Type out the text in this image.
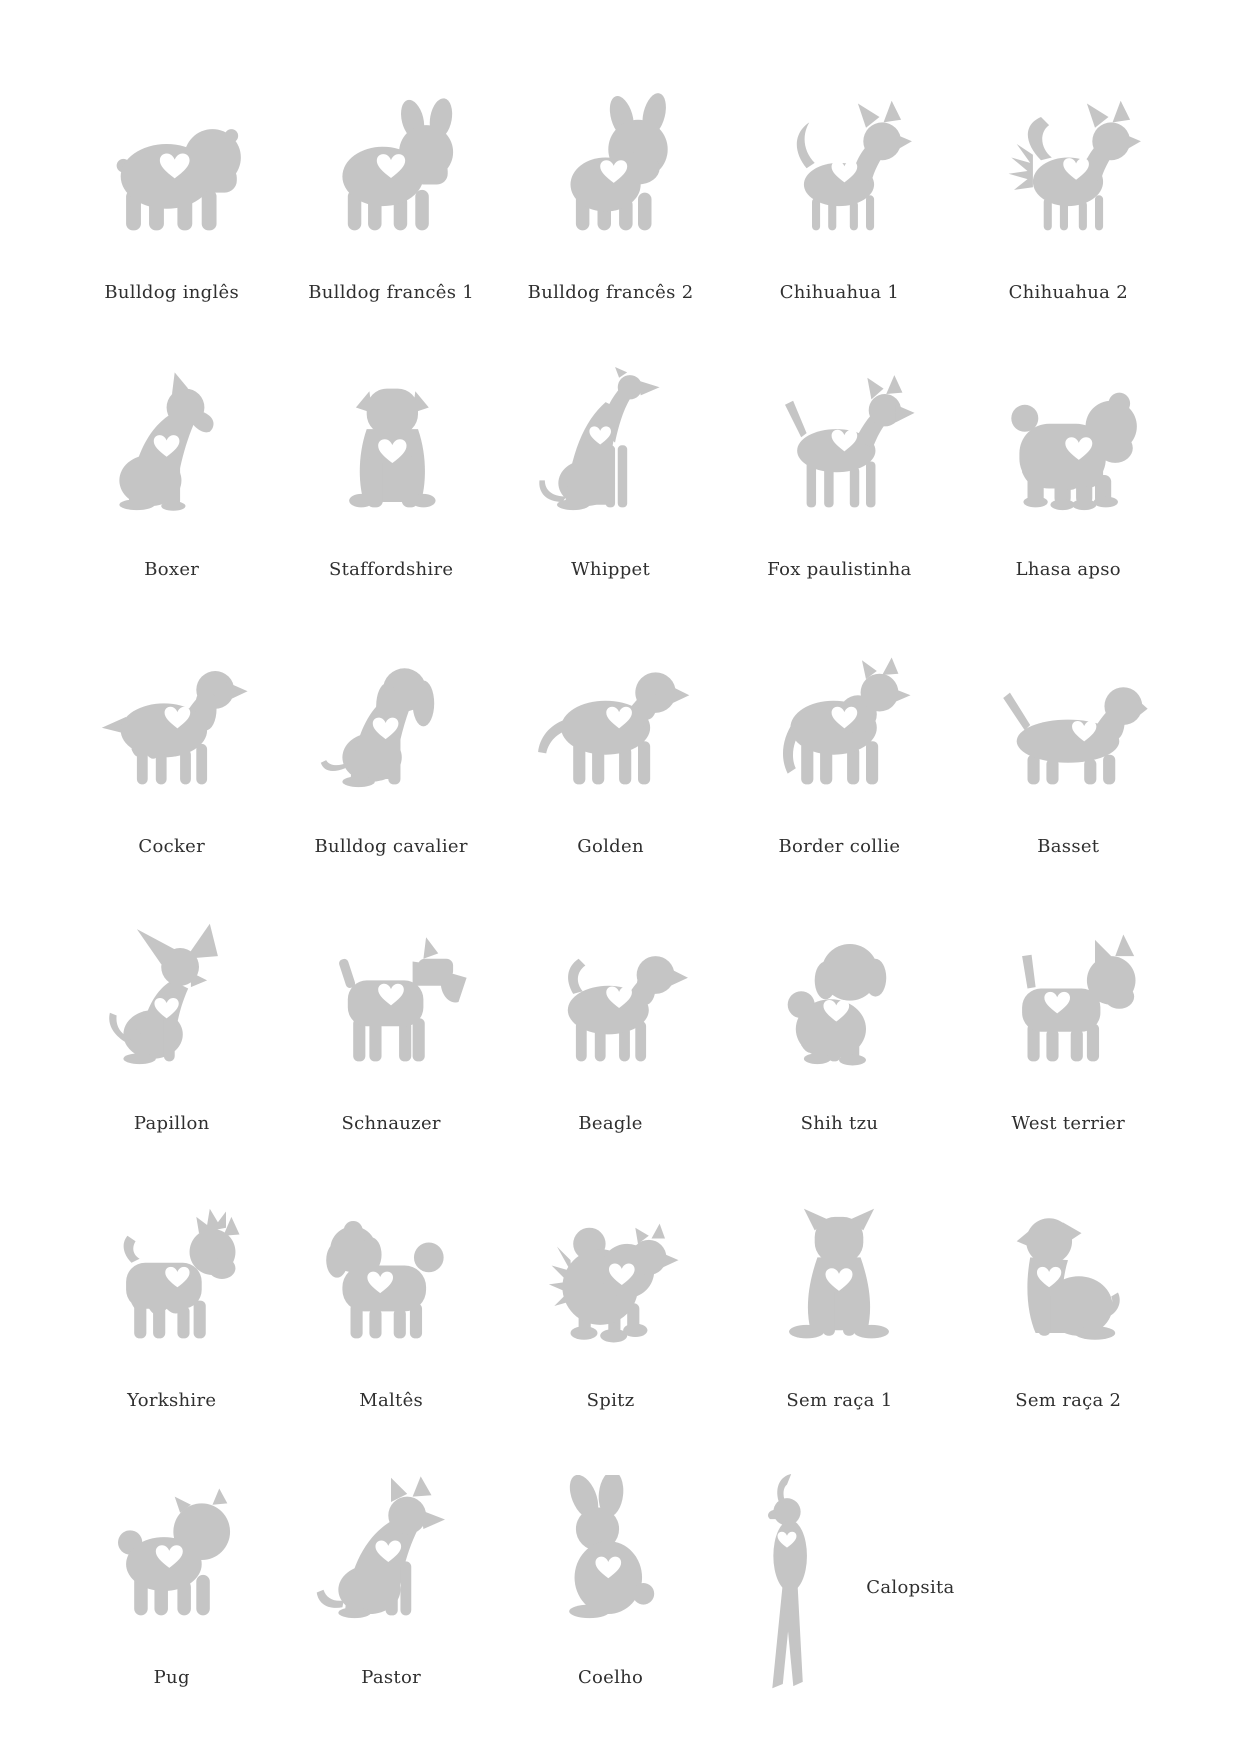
Bulldog inglês	Bulldog francês 1	Bulldog francês 2	Chihuahua 1	Chihuahua 2
Boxer	Staffordshire	Whippet	Fox paulistinha	Lhasa apso
Cocker	Bulldog cavalier	Golden	Border collie	Basset
Papillon	Schnauzer	Beagle	Shih tzu	West terrier
Yorkshire	Maltês	Spitz	Sem raça 1	Sem raça 2
Pug	Pastor	Coelho
Calopsita
